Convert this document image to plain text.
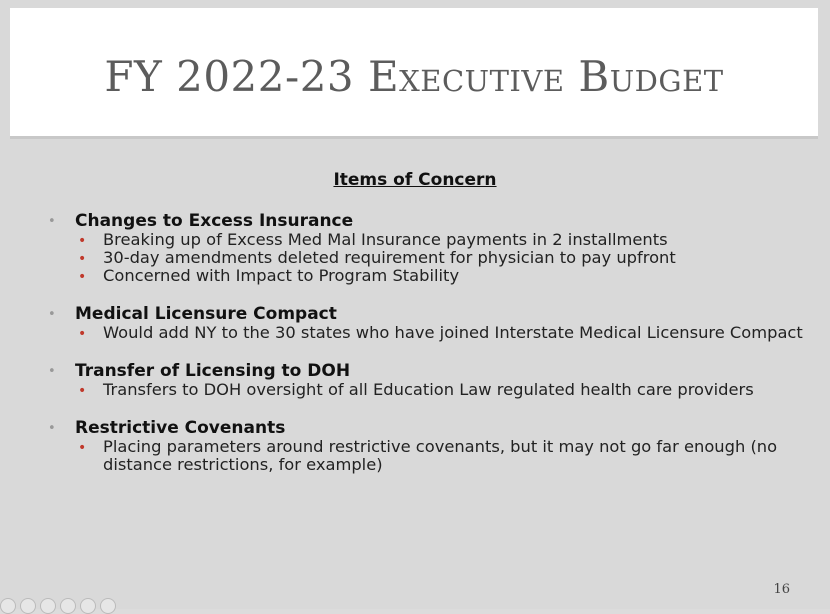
FY 2022-23 Executive Budget
Items of Concern
• Changes to Excess Insurance
• Breaking up of Excess Med Mal Insurance payments in 2 installments
• 30-day amendments deleted requirement for physician to pay upfront
• Concerned with Impact to Program Stability
• Medical Licensure Compact
• Would add NY to the 30 states who have joined Interstate Medical Licensure Compact
• Transfer of Licensing to DOH
• Transfers to DOH oversight of all Education Law regulated health care providers
• Restrictive Covenants
• Placing parameters around restrictive covenants, but it may not go far enough (no distance restrictions, for example)
16
